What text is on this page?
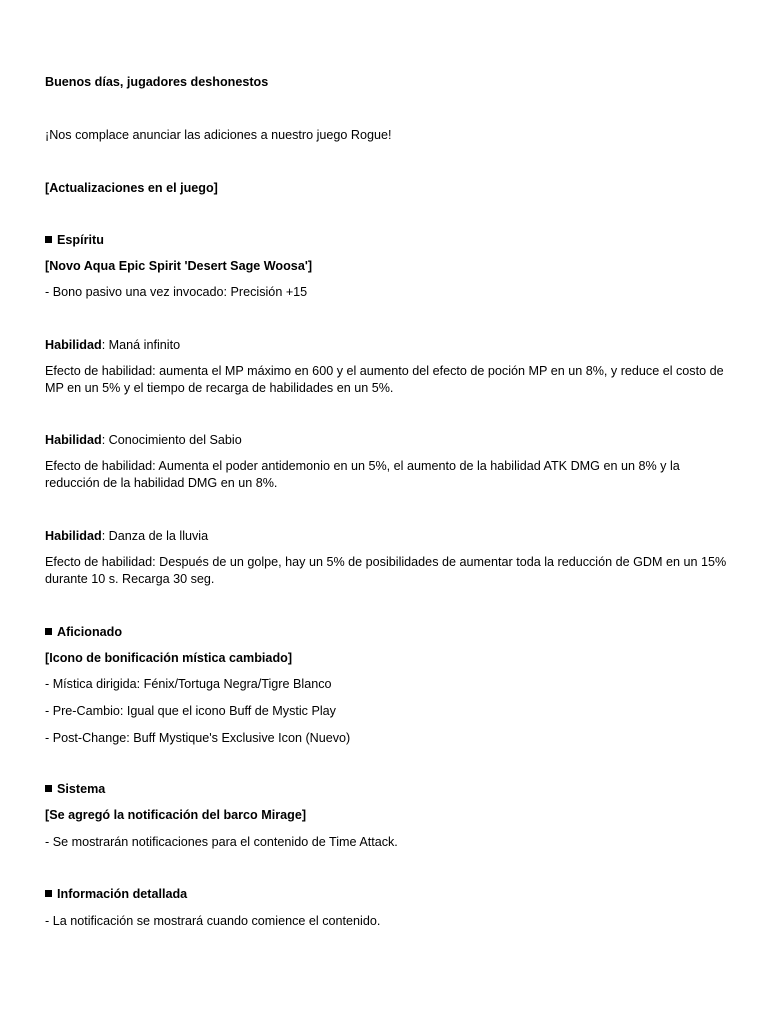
Buenos días, jugadores deshonestos
¡Nos complace anunciar las adiciones a nuestro juego Rogue!
[Actualizaciones en el juego]
Espíritu
[Novo Aqua Epic Spirit 'Desert Sage Woosa']
- Bono pasivo una vez invocado: Precisión +15
Habilidad: Maná infinito
Efecto de habilidad: aumenta el MP máximo en 600 y el aumento del efecto de poción MP en un 8%, y reduce el costo de MP en un 5% y el tiempo de recarga de habilidades en un 5%.
Habilidad: Conocimiento del Sabio
Efecto de habilidad: Aumenta el poder antidemonio en un 5%, el aumento de la habilidad ATK DMG en un 8% y la reducción de la habilidad DMG en un 8%.
Habilidad: Danza de la lluvia
Efecto de habilidad: Después de un golpe, hay un 5% de posibilidades de aumentar toda la reducción de GDM en un 15% durante 10 s. Recarga 30 seg.
Aficionado
[Icono de bonificación mística cambiado]
- Mística dirigida: Fénix/Tortuga Negra/Tigre Blanco
- Pre-Cambio: Igual que el icono Buff de Mystic Play
- Post-Change: Buff Mystique's Exclusive Icon (Nuevo)
Sistema
[Se agregó la notificación del barco Mirage]
- Se mostrarán notificaciones para el contenido de Time Attack.
Información detallada
- La notificación se mostrará cuando comience el contenido.
